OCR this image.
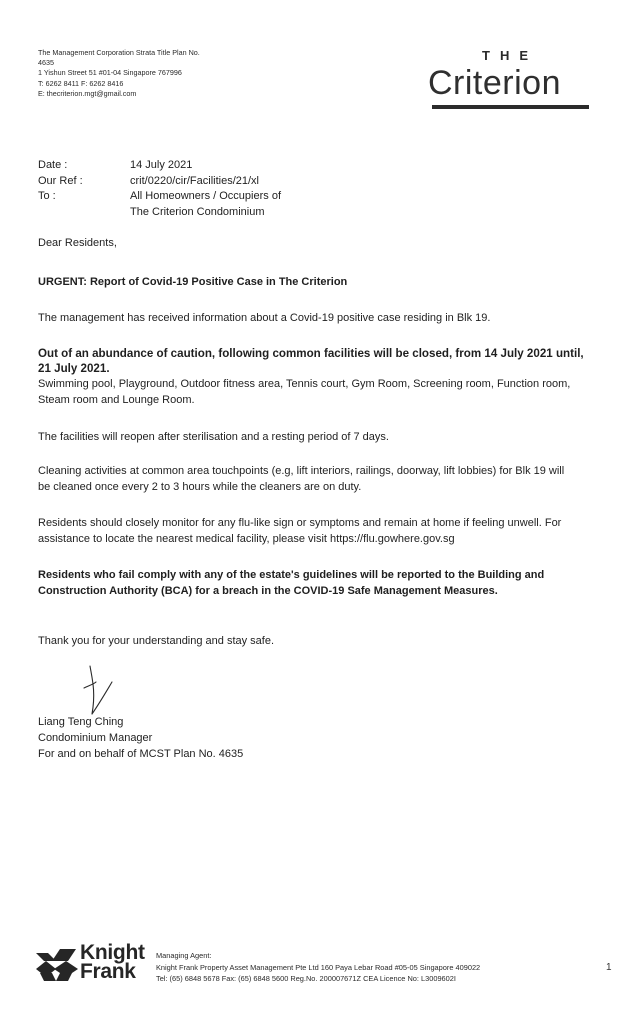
The Management Corporation Strata Title Plan No.
4635
1 Yishun Street 51 #01-04 Singapore 767996
T: 6262 8411 F: 6262 8416
E: thecriterion.mgt@gmail.com
THE
Criterion
Date :	14 July 2021
Our Ref :	crit/0220/cir/Facilities/21/xl
To :	All Homeowners / Occupiers of
The Criterion Condominium
Dear Residents,
URGENT: Report of Covid-19 Positive Case in The Criterion
The management has received information about a Covid-19 positive case residing in Blk 19.
Out of an abundance of caution, following common facilities will be closed, from 14 July 2021 until,
21 July 2021.
Swimming pool, Playground, Outdoor fitness area, Tennis court, Gym Room, Screening room, Function room,
Steam room and Lounge Room.
The facilities will reopen after sterilisation and a resting period of 7 days.
Cleaning activities at common area touchpoints (e.g, lift interiors, railings, doorway, lift lobbies) for Blk 19 will
be cleaned once every 2 to 3 hours while the cleaners are on duty.
Residents should closely monitor for any flu-like sign or symptoms and remain at home if feeling unwell. For
assistance to locate the nearest medical facility, please visit https://flu.gowhere.gov.sg
Residents who fail comply with any of the estate's guidelines will be reported to the Building and
Construction Authority (BCA) for a breach in the COVID-19 Safe Management Measures.
Thank you for your understanding and stay safe.
Liang Teng Ching
Condominium Manager
For and on behalf of MCST Plan No. 4635
Knight
Frank
Managing Agent:
Knight Frank Property Asset Management Pte Ltd 160 Paya Lebar Road #05-05 Singapore 409022
Tel: (65) 6848 5678 Fax: (65) 6848 5600 Reg.No. 200007671Z CEA Licence No: L3009602I
1
